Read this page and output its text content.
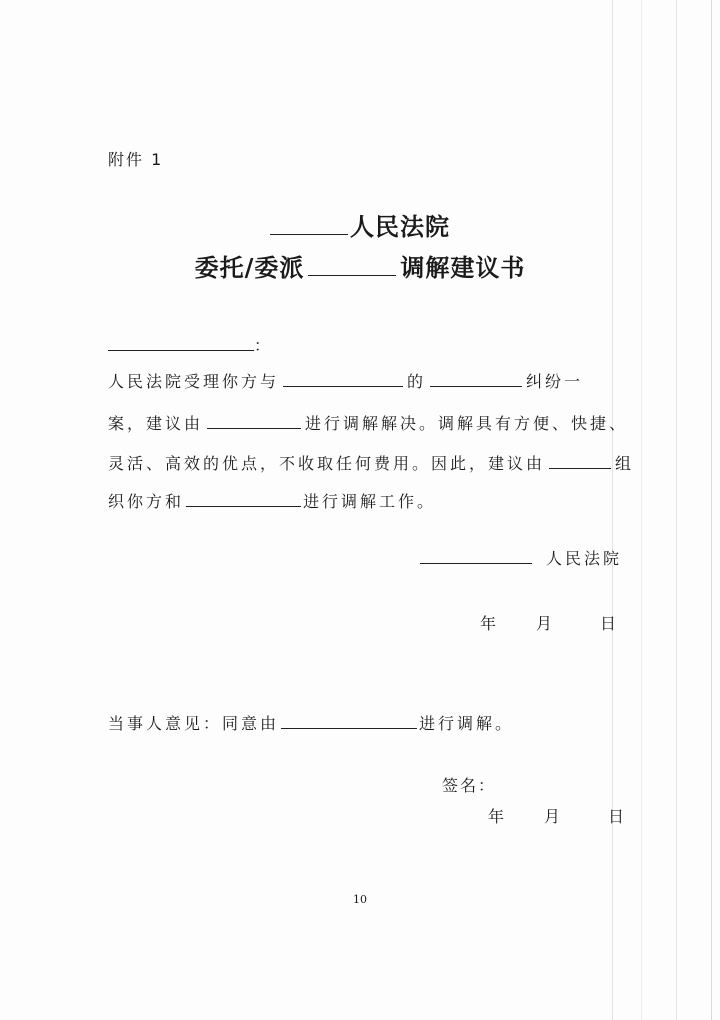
附件 1
人民法院
委托/委派	调解建议书
：
人民法院受理你方与	的	纠纷一
案，建议由	进行调解解决。调解具有方便、快捷、
灵活、高效的优点，不收取任何费用。因此，建议由	组
织你方和	进行调解工作。
人民法院
年	月	日
当事人意见：同意由	进行调解。
签名：
年	月	日
10
